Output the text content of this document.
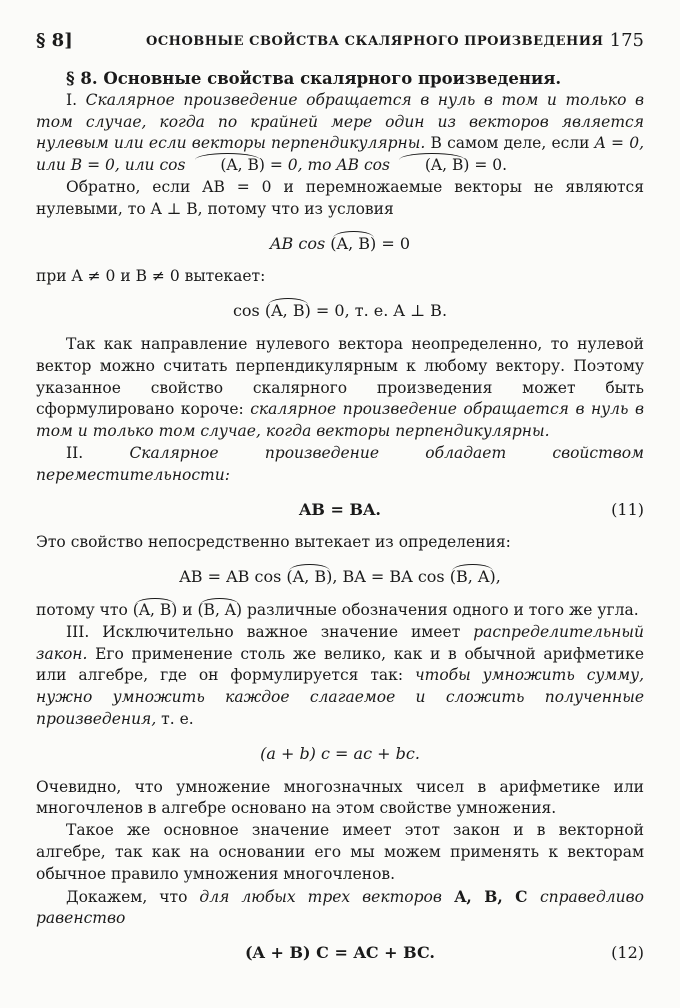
§ 8]	ОСНОВНЫЕ СВОЙСТВА СКАЛЯРНОГО ПРОИЗВЕДЕНИЯ 175

§ 8. Основные свойства скалярного произведения.

I. Скалярное произведение обращается в нуль в том и только в том случае, когда по крайней мере один из векторов является нулевым или если векторы перпендикулярны. В самом деле, если A = 0, или B = 0, или cos (A, B) = 0, то AB cos (A, B) = 0.

Обратно, если AB = 0 и перемножаемые векторы не являются нулевыми, то A ⊥ B, потому что из условия

AB cos (A, B) = 0

при A ≠ 0 и B ≠ 0 вытекает:

cos (A, B) = 0, т. е. A ⊥ B.

Так как направление нулевого вектора неопределенно, то нулевой вектор можно считать перпендикулярным к любому вектору. Поэтому указанное свойство скалярного произведения может быть сформулировано короче: скалярное произведение обращается в нуль в том и только том случае, когда векторы перпендикулярны.

II. Скалярное произведение обладает свойством переместительности:

AB = BA.	(11)

Это свойство непосредственно вытекает из определения:

AB = AB cos (A, B), BA = BA cos (B, A),

потому что (A, B) и (B, A) различные обозначения одного и того же угла.

III. Исключительно важное значение имеет распределительный закон. Его применение столь же велико, как и в обычной арифметике или алгебре, где он формулируется так: чтобы умножить сумму, нужно умножить каждое слагаемое и сложить полученные произведения, т. е.

(a + b) c = ac + bc.

Очевидно, что умножение многозначных чисел в арифметике или многочленов в алгебре основано на этом свойстве умножения.

Такое же основное значение имеет этот закон и в векторной алгебре, так как на основании его мы можем применять к векторам обычное правило умножения многочленов.

Докажем, что для любых трех векторов A, B, C справедливо равенство

(A + B) C = AC + BC.	(12)
